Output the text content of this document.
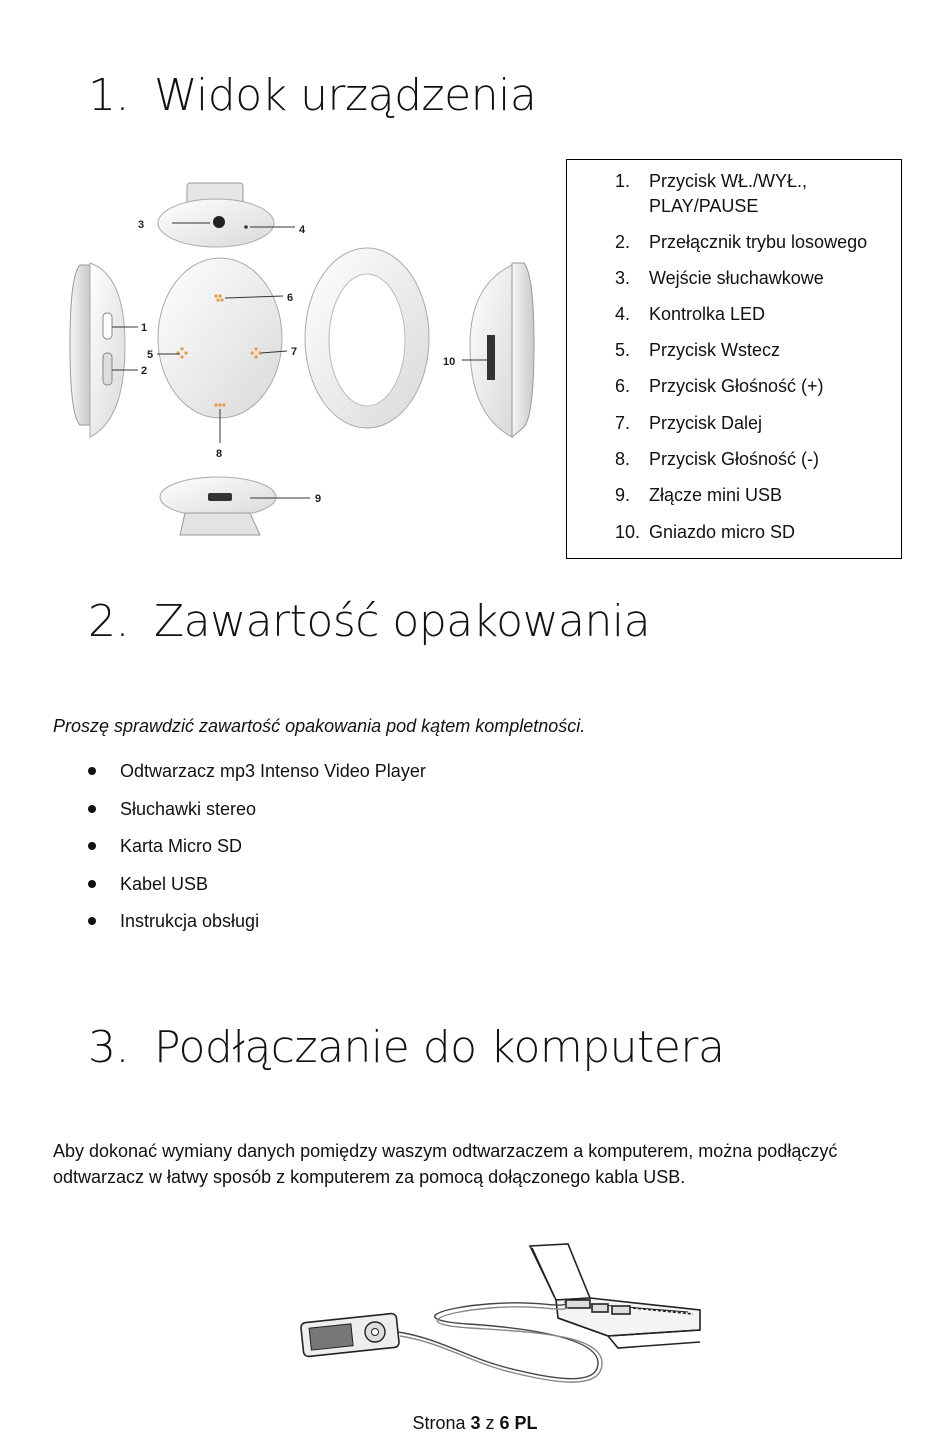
1. Widok urządzenia
1
2
3	4
5
6
7
8
9
10
1.	Przycisk WŁ./WYŁ.,
PLAY/PAUSE
2.	Przełącznik trybu losowego
3.	Wejście słuchawkowe
4.	Kontrolka LED
5.	Przycisk Wstecz
6.	Przycisk Głośność (+)
7.	Przycisk Dalej
8.	Przycisk Głośność (-)
9.	Złącze mini USB
10. Gniazdo micro SD
2. Zawartość opakowania
Proszę sprawdzić zawartość opakowania pod kątem kompletności.
Odtwarzacz mp3 Intenso Video Player
Słuchawki stereo
Karta Micro SD
Kabel USB
Instrukcja obsługi
3. Podłączanie do komputera
Aby dokonać wymiany danych pomiędzy waszym odtwarzaczem a komputerem, można podłączyć odtwarzacz w łatwy sposób z komputerem za pomocą dołączonego kabla USB.
Strona 3 z 6 PL
